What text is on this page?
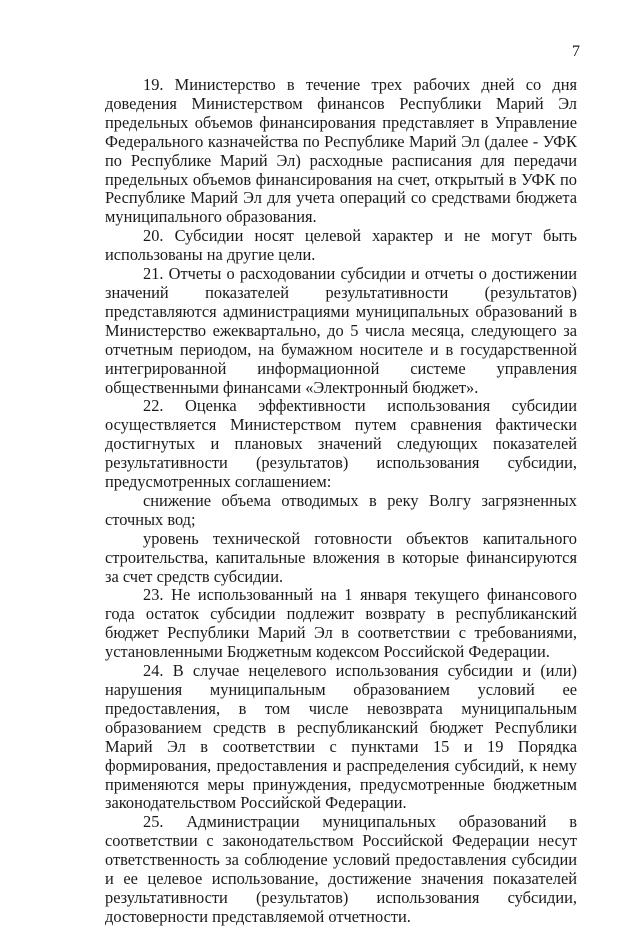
7

19. Министерство в течение трех рабочих дней со дня доведения Министерством финансов Республики Марий Эл предельных объемов финансирования представляет в Управление Федерального казначейства по Республике Марий Эл (далее - УФК по Республике Марий Эл) расходные расписания для передачи предельных объемов финансирования на счет, открытый в УФК по Республике Марий Эл для учета операций со средствами бюджета муниципального образования.

20. Субсидии носят целевой характер и не могут быть использованы на другие цели.

21. Отчеты о расходовании субсидии и отчеты о достижении значений показателей результативности (результатов) представляются администрациями муниципальных образований в Министерство ежеквартально, до 5 числа месяца, следующего за отчетным периодом, на бумажном носителе и в государственной интегрированной информационной системе управления общественными финансами «Электронный бюджет».

22. Оценка эффективности использования субсидии осуществляется Министерством путем сравнения фактически достигнутых и плановых значений следующих показателей результативности (результатов) использования субсидии, предусмотренных соглашением:

снижение объема отводимых в реку Волгу загрязненных сточных вод;

уровень технической готовности объектов капитального строительства, капитальные вложения в которые финансируются за счет средств субсидии.

23. Не использованный на 1 января текущего финансового года остаток субсидии подлежит возврату в республиканский бюджет Республики Марий Эл в соответствии с требованиями, установленными Бюджетным кодексом Российской Федерации.

24. В случае нецелевого использования субсидии и (или) нарушения муниципальным образованием условий ее предоставления, в том числе невозврата муниципальным образованием средств в республиканский бюджет Республики Марий Эл в соответствии с пунктами 15 и 19 Порядка формирования, предоставления и распределения субсидий, к нему применяются меры принуждения, предусмотренные бюджетным законодательством Российской Федерации.

25. Администрации муниципальных образований в соответствии с законодательством Российской Федерации несут ответственность за соблюдение условий предоставления субсидии и ее целевое использование, достижение значения показателей результативности (результатов) использования субсидии, достоверности представляемой отчетности.
